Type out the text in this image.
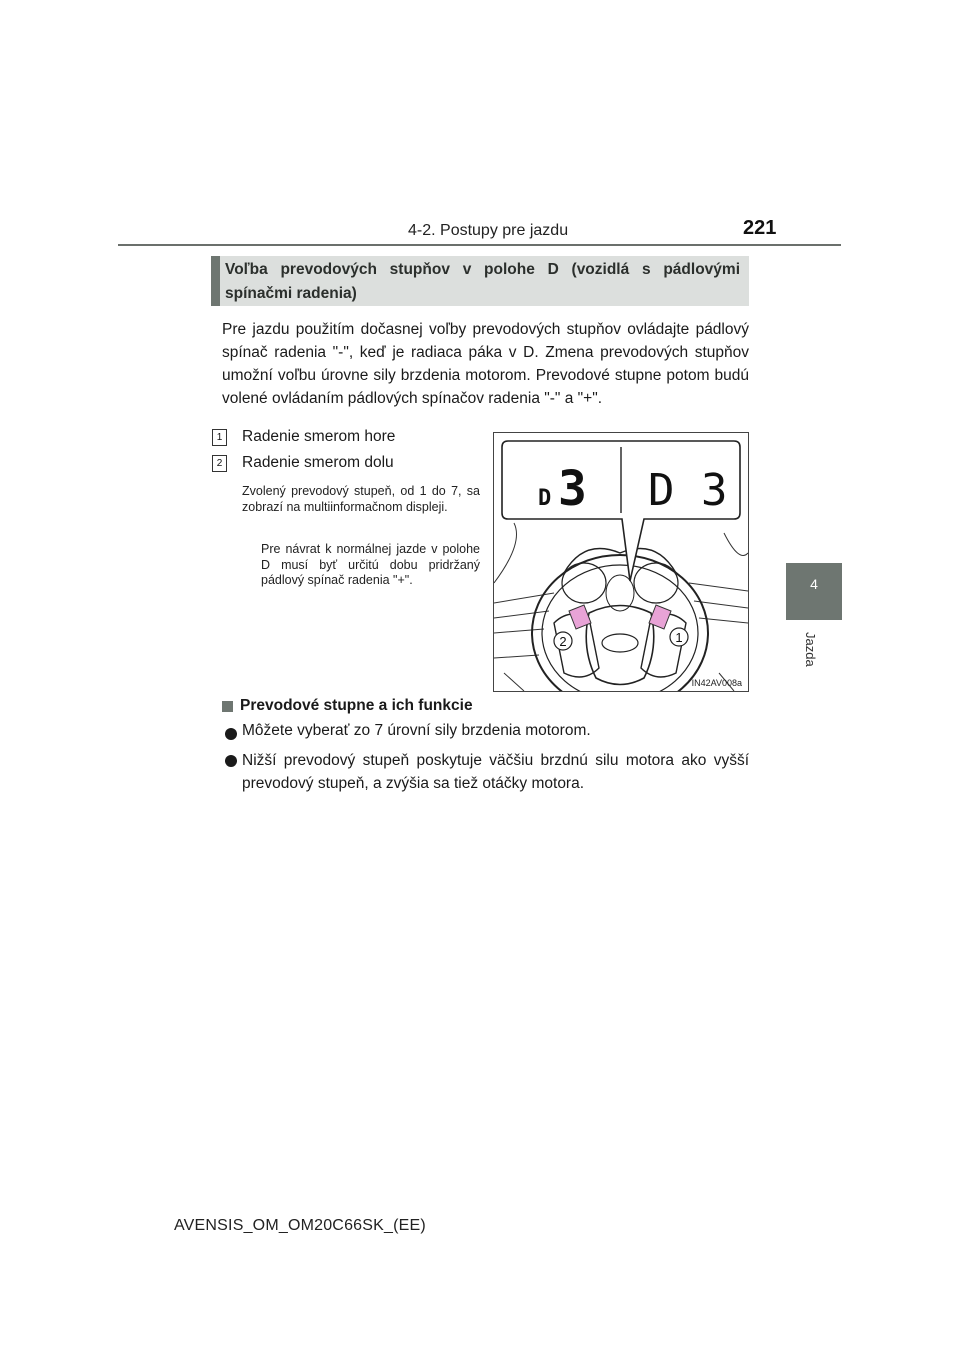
4-2. Postupy pre jazdu	221
4
Jazda
Voľba prevodových stupňov v polohe D (vozidlá s pádlovými spínačmi radenia)
Pre jazdu použitím dočasnej voľby prevodových stupňov ovládajte pádlový spínač radenia "-", keď je radiaca páka v D. Zmena prevodových stupňov umožní voľbu úrovne sily brzdenia motorom. Prevodové stupne potom budú volené ovládaním pádlových spínačov radenia "-" a "+".
1	Radenie smerom hore
2	Radenie smerom dolu
Zvolený prevodový stupeň, od 1 do 7, sa zobrazí na multiinformačnom displeji.
Pre návrat k normálnej jazde v polohe D musí byť určitú dobu pridržaný pádlový spínač radenia "+".
2	1
D 3 D 3
IN42AV008a
Prevodové stupne a ich funkcie
Môžete vyberať zo 7 úrovní sily brzdenia motorom.
Nižší prevodový stupeň poskytuje väčšiu brzdnú silu motora ako vyšší prevodový stupeň, a zvýšia sa tiež otáčky motora.
AVENSIS_OM_OM20C66SK_(EE)
